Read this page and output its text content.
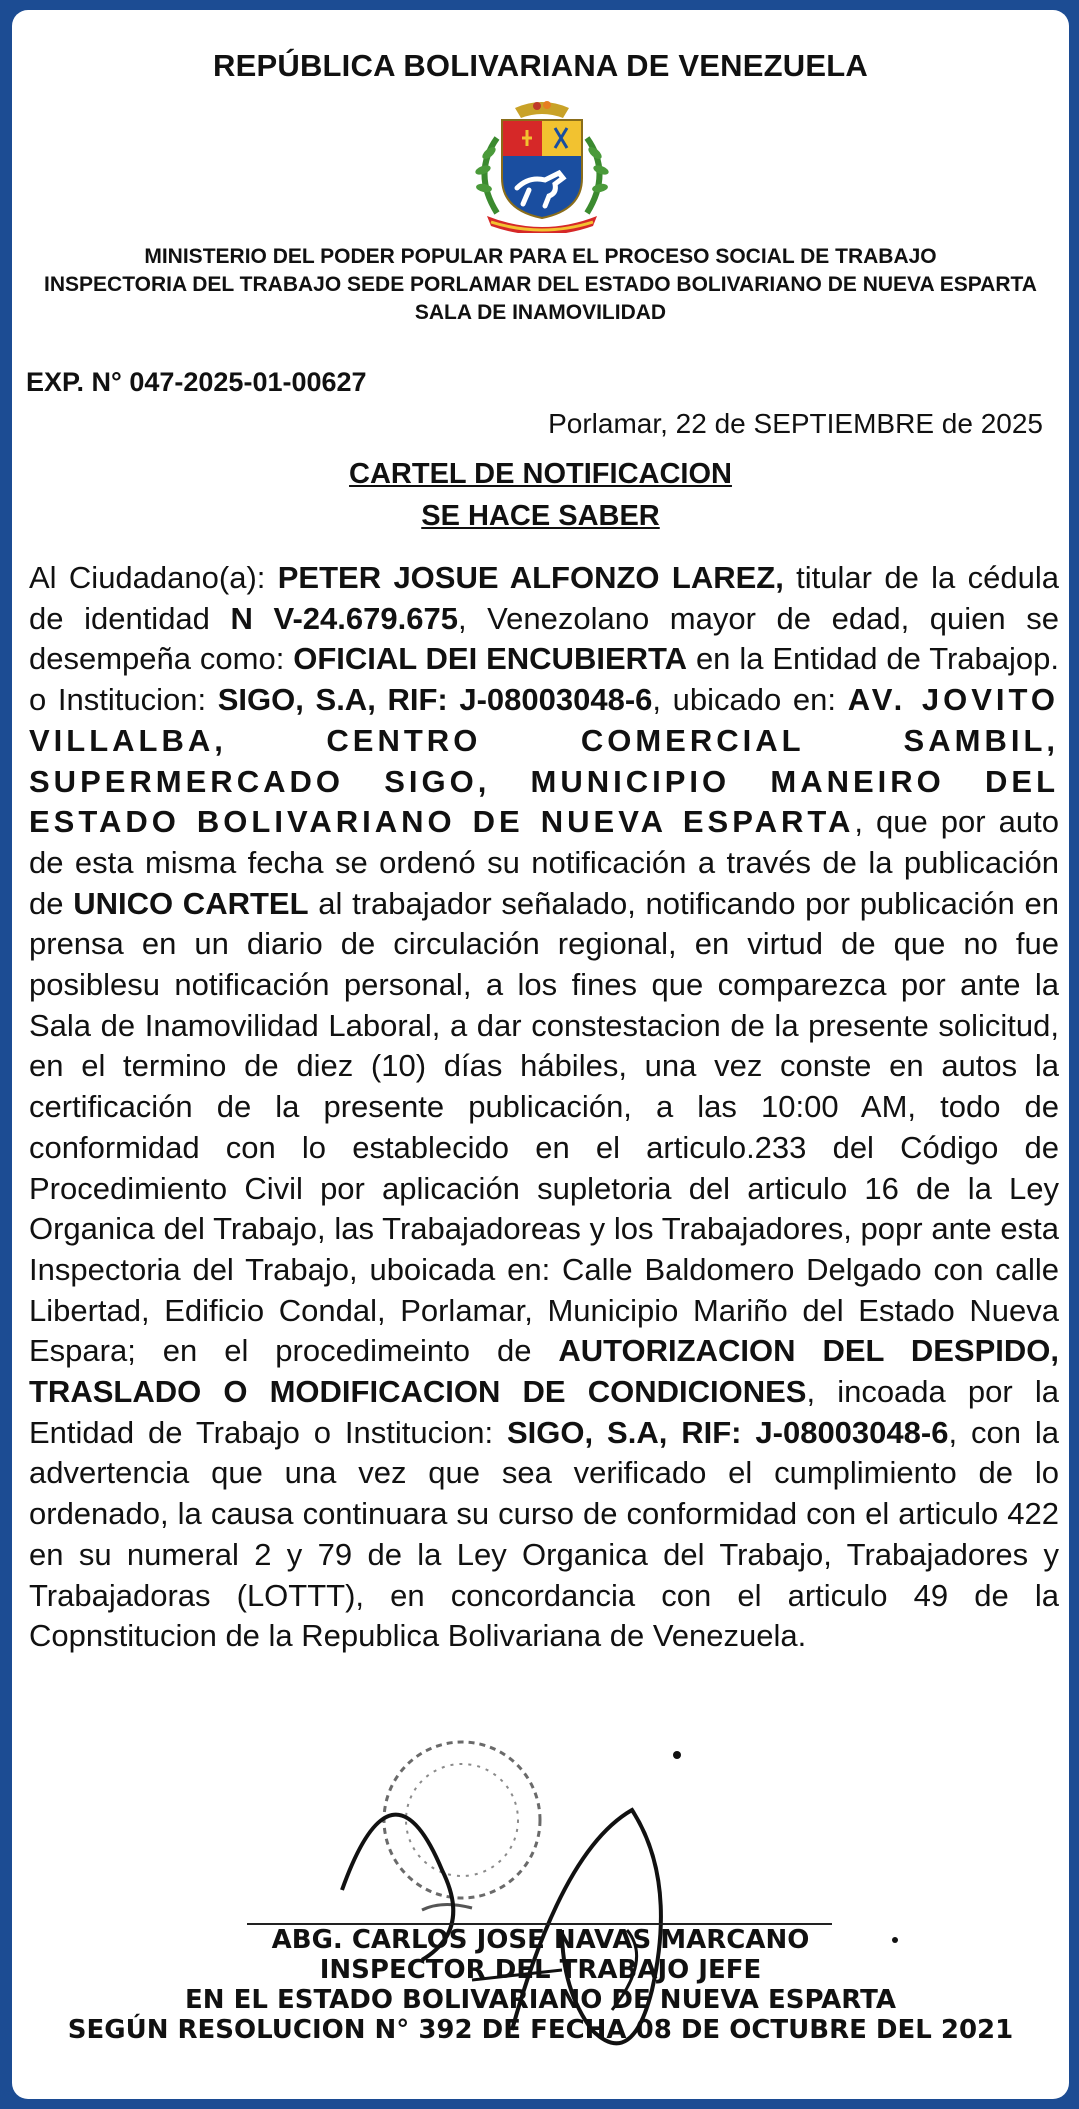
REPÚBLICA BOLIVARIANA DE VENEZUELA
MINISTERIO DEL PODER POPULAR PARA EL PROCESO SOCIAL DE TRABAJO
INSPECTORIA DEL TRABAJO SEDE PORLAMAR DEL ESTADO BOLIVARIANO DE NUEVA ESPARTA
SALA DE INAMOVILIDAD
EXP. N° 047-2025-01-00627
Porlamar, 22 de SEPTIEMBRE de 2025
CARTEL DE NOTIFICACION
SE HACE SABER
Al Ciudadano(a): PETER JOSUE ALFONZO LAREZ, titular de la cédula de identidad N V-24.679.675, Venezolano mayor de edad, quien se desempeña como: OFICIAL DEI ENCUBIERTA en la Entidad de Trabajop. o Institucion: SIGO, S.A, RIF: J-08003048-6, ubicado en: AV. JOVITO VILLALBA, CENTRO COMERCIAL SAMBIL, SUPERMERCADO SIGO, MUNICIPIO MANEIRO DEL ESTADO BOLIVARIANO DE NUEVA ESPARTA, que por auto de esta misma fecha se ordenó su notificación a través de la publicación de UNICO CARTEL al trabajador señalado, notificando por publicación en prensa en un diario de circulación regional, en virtud de que no fue posiblesu notificación personal, a los fines que comparezca por ante la Sala de Inamovilidad Laboral, a dar constestacion de la presente solicitud, en el termino de diez (10) días hábiles, una vez conste en autos la certificación de la presente publicación, a las 10:00 AM, todo de conformidad con lo establecido en el articulo.233 del Código de Procedimiento Civil por aplicación supletoria del articulo 16 de la Ley Organica del Trabajo, las Trabajadoreas y los Trabajadores, popr ante esta Inspectoria del Trabajo, uboicada en: Calle Baldomero Delgado con calle Libertad, Edificio Condal, Porlamar, Municipio Mariño del Estado Nueva Espara; en el procedimeinto de AUTORIZACION DEL DESPIDO, TRASLADO O MODIFICACION DE CONDICIONES, incoada por la Entidad de Trabajo o Institucion: SIGO, S.A, RIF: J-08003048-6, con la advertencia que una vez que sea verificado el cumplimiento de lo ordenado, la causa continuara su curso de conformidad con el articulo 422 en su numeral 2 y 79 de la Ley Organica del Trabajo, Trabajadores y Trabajadoras (LOTTT), en concordancia con el articulo 49 de la Copnstitucion de la Republica Bolivariana de Venezuela.
ABG. CARLOS JOSE NAVAS MARCANO
INSPECTOR DEL TRABAJO JEFE
EN EL ESTADO BOLIVARIANO DE NUEVA ESPARTA
SEGÚN RESOLUCION N° 392 DE FECHA 08 DE OCTUBRE DEL 2021
